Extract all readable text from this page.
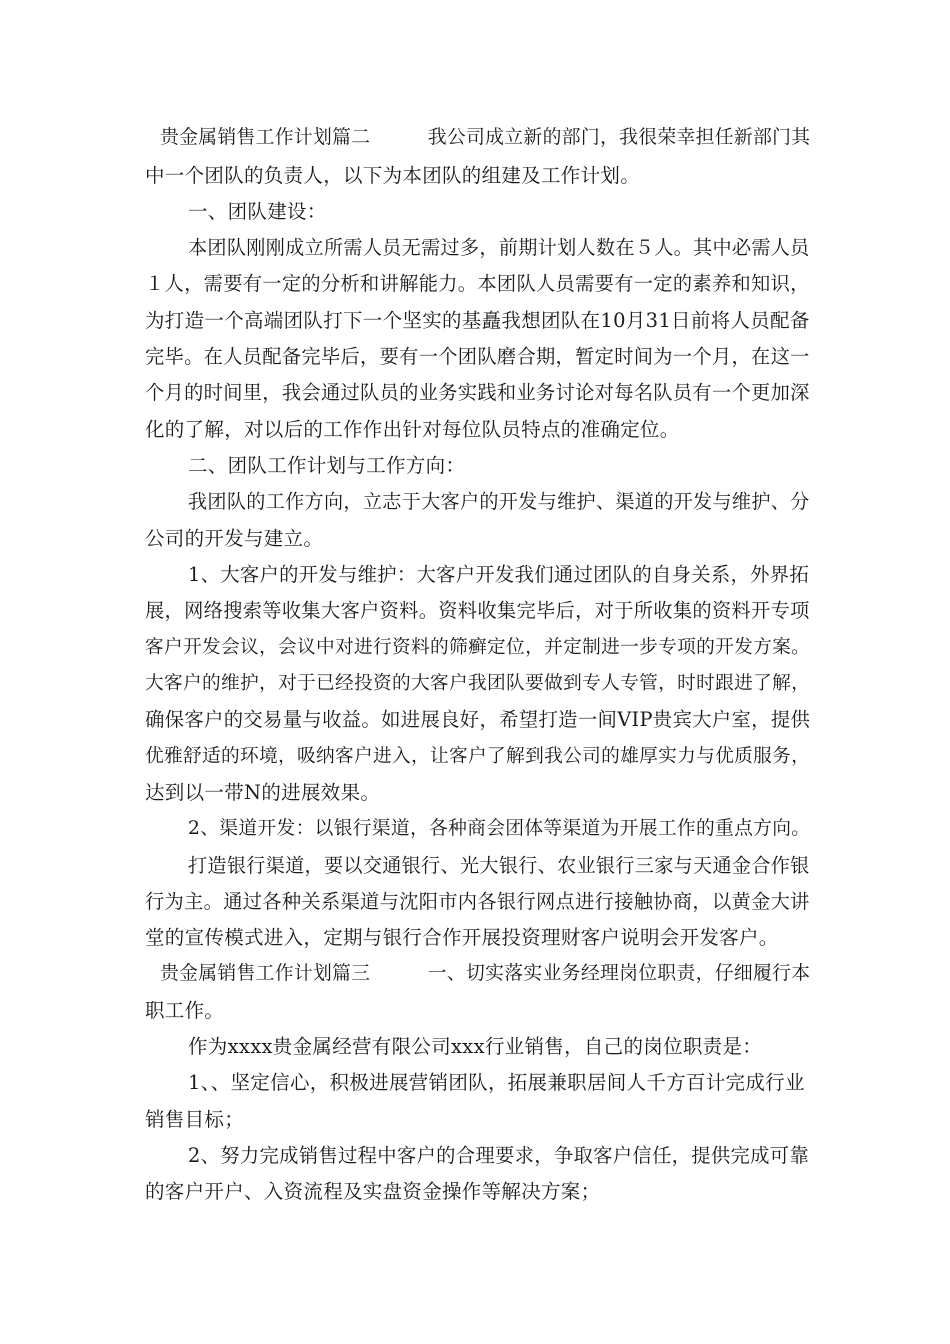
贵金属销售工作计划篇二　　　我公司成立新的部门，我很荣幸担任新部门其
中一个团队的负责人，以下为本团队的组建及工作计划。
一、团队建设：
本团队刚刚成立所需人员无需过多，前期计划人数在５人。其中必需人员
１人，需要有一定的分析和讲解能力。本团队人员需要有一定的素养和知识，
为打造一个高端团队打下一个坚实的基矗我想团队在10月31日前将人员配备
完毕。在人员配备完毕后，要有一个团队磨合期，暂定时间为一个月，在这一
个月的时间里，我会通过队员的业务实践和业务讨论对每名队员有一个更加深
化的了解，对以后的工作作出针对每位队员特点的准确定位。
二、团队工作计划与工作方向：
我团队的工作方向，立志于大客户的开发与维护、渠道的开发与维护、分
公司的开发与建立。
1、大客户的开发与维护：大客户开发我们通过团队的自身关系，外界拓
展，网络搜索等收集大客户资料。资料收集完毕后，对于所收集的资料开专项
客户开发会议，会议中对进行资料的筛癣定位，并定制进一步专项的开发方案。
大客户的维护，对于已经投资的大客户我团队要做到专人专管，时时跟进了解，
确保客户的交易量与收益。如进展良好，希望打造一间VIP贵宾大户室，提供
优雅舒适的环境，吸纳客户进入，让客户了解到我公司的雄厚实力与优质服务，
达到以一带N的进展效果。
2、渠道开发：以银行渠道，各种商会团体等渠道为开展工作的重点方向。
打造银行渠道，要以交通银行、光大银行、农业银行三家与天通金合作银
行为主。通过各种关系渠道与沈阳市内各银行网点进行接触协商，以黄金大讲
堂的宣传模式进入，定期与银行合作开展投资理财客户说明会开发客户。
贵金属销售工作计划篇三　　　一、切实落实业务经理岗位职责，仔细履行本
职工作。
作为xxxx贵金属经营有限公司xxx行业销售，自己的岗位职责是：
1、、坚定信心，积极进展营销团队，拓展兼职居间人千方百计完成行业
销售目标；
2、努力完成销售过程中客户的合理要求，争取客户信任，提供完成可靠
的客户开户、入资流程及实盘资金操作等解决方案；
